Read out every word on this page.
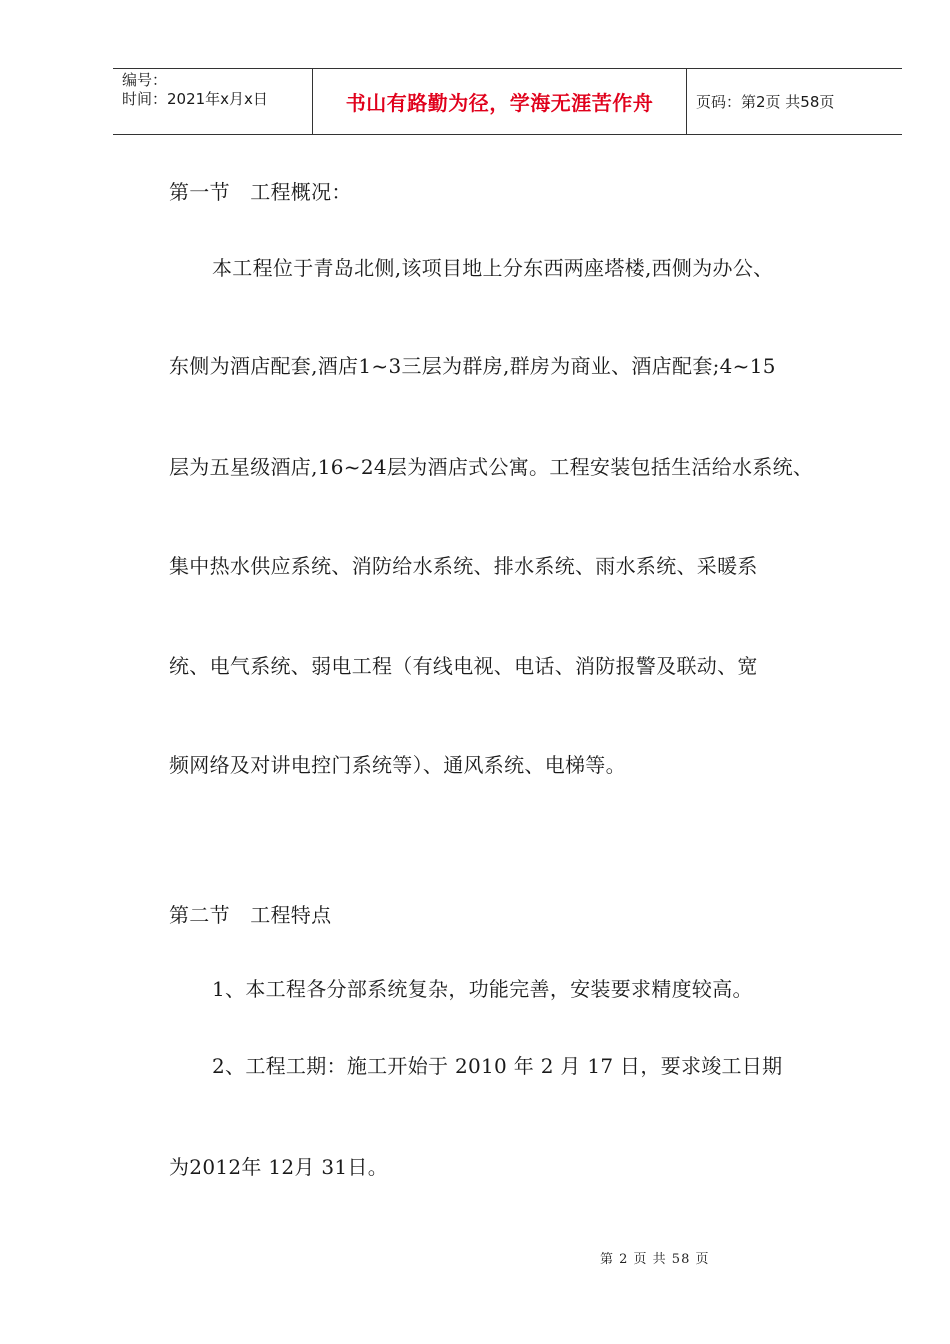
编号：
时间：2021年x月x日	书山有路勤为径，学海无涯苦作舟	页码：第2页 共58页
第一节　工程概况：
本工程位于青岛北侧,该项目地上分东西两座塔楼,西侧为办公、
东侧为酒店配套,酒店1~3三层为群房,群房为商业、酒店配套;4~15
层为五星级酒店,16~24层为酒店式公寓。工程安装包括生活给水系统、
集中热水供应系统、消防给水系统、排水系统、雨水系统、采暖系
统、电气系统、弱电工程（有线电视、电话、消防报警及联动、宽
频网络及对讲电控门系统等）、通风系统、电梯等。
第二节　工程特点
1、本工程各分部系统复杂，功能完善，安装要求精度较高。
2、工程工期：施工开始于 2010 年 2 月 17 日，要求竣工日期
为2012年 12月 31日。
第 2 页 共 58 页
